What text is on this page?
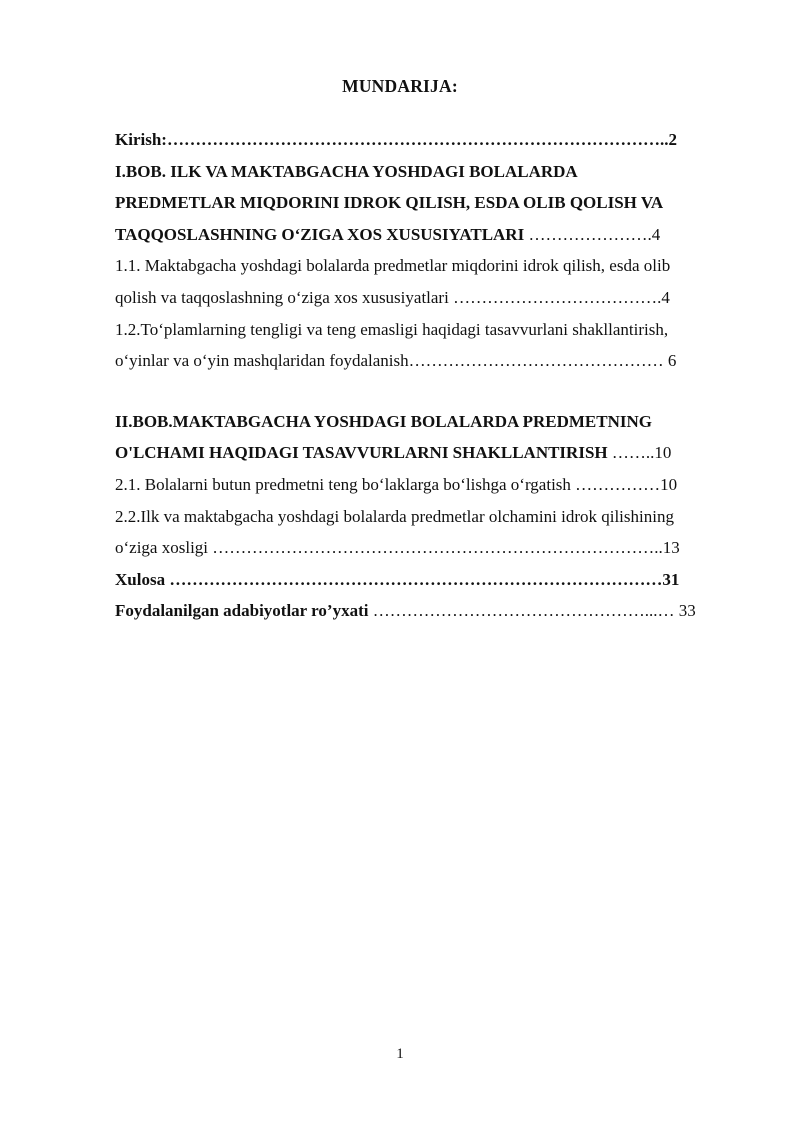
MUNDARIJA:
Kirish:……………………………………………………………………………..2
I.BOB. ILK VA MAKTABGACHA YOSHDAGI BOLALARDA
PREDMETLAR MIQDORINI IDROK QILISH, ESDA OLIB QOLISH VA
TAQQOSLASHNING O‘ZIGA XOS XUSUSIYATLARI ………………….4
1.1. Maktabgacha yoshdagi bolalarda predmetlar miqdorini idrok qilish, esda olib
qolish va taqqoslashning o‘ziga xos xususiyatlari ……………………………….4
1.2.To‘plamlarning tengligi va teng emasligi haqidagi tasavvurlani shakllantirish,
o‘yinlar va o‘yin mashqlaridan foydalanish……………………………………… 6
II.BOB.MAKTABGACHA YOSHDAGI BOLALARDA PREDMETNING
O'LCHAMI HAQIDAGI TASAVVURLARNI SHAKLLANTIRISH ……..10
2.1. Bolalarni butun predmetni teng bo‘laklarga bo‘lishga o‘rgatish ……………10
2.2.Ilk va maktabgacha yoshdagi bolalarda predmetlar olchamini idrok qilishining
o‘ziga xosligi ……………………………………………………………………..13
Xulosa ……………………………………………………………………………31
Foydalanilgan adabiyotlar ro’yxati …………………………………………...… 33
1
